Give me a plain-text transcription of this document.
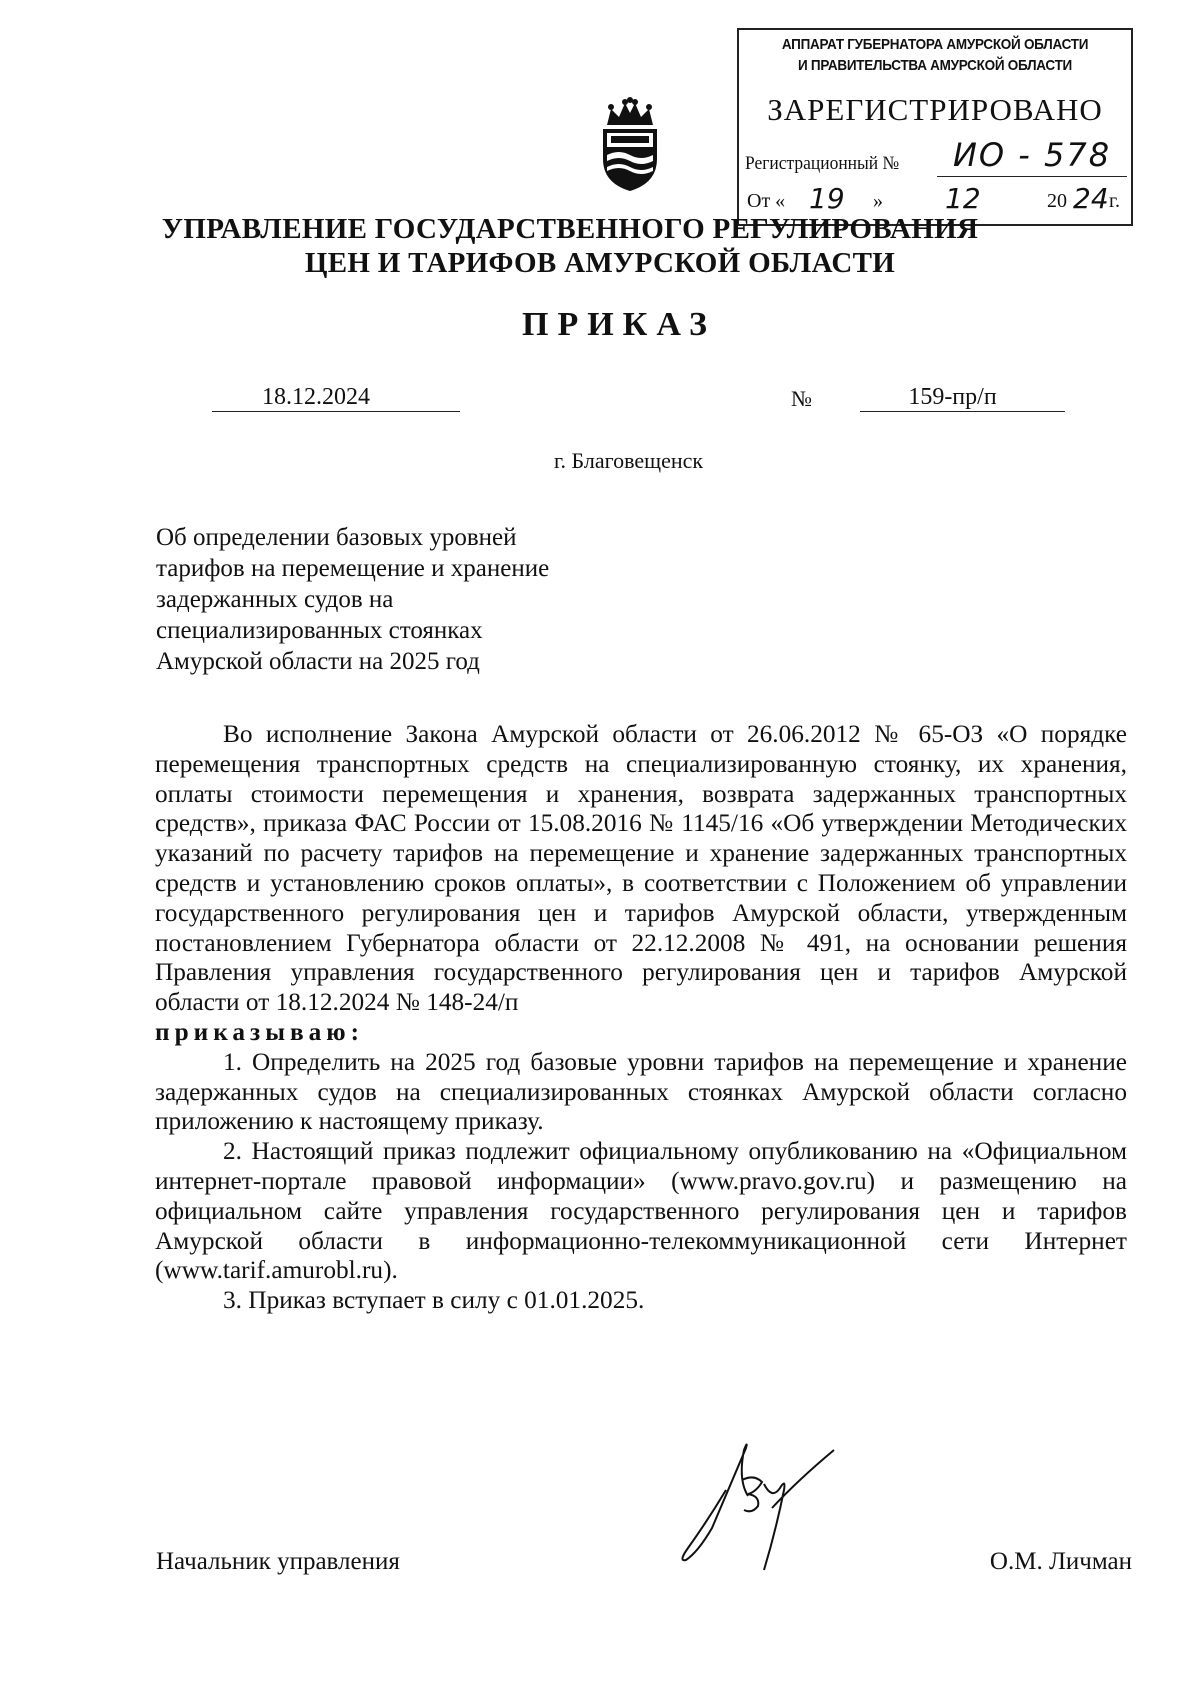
АППАРАТ ГУБЕРНАТОРА АМУРСКОЙ ОБЛАСТИ
И ПРАВИТЕЛЬСТВА АМУРСКОЙ ОБЛАСТИ
ЗАРЕГИСТРИРОВАНО
Регистрационный №	ИО - 578
От « 19 » 12	20 24 г.
УПРАВЛЕНИЕ ГОСУДАРСТВЕННОГО РЕГУЛИРОВАНИЯ
ЦЕН И ТАРИФОВ АМУРСКОЙ ОБЛАСТИ
ПРИКАЗ
18.12.2024	№	159-пр/п
г. Благовещенск
Об определении базовых уровней
тарифов на перемещение и хранение
задержанных судов на
специализированных стоянках
Амурской области на 2025 год

Во исполнение Закона Амурской области от 26.06.2012 № 65-ОЗ «О порядке перемещения транспортных средств на специализированную стоянку, их хранения, оплаты стоимости перемещения и хранения, возврата задержанных транспортных средств», приказа ФАС России от 15.08.2016 № 1145/16 «Об утверждении Методических указаний по расчету тарифов на перемещение и хранение задержанных транспортных средств и установлению сроков оплаты», в соответствии с Положением об управлении государственного регулирования цен и тарифов Амурской области, утвержденным постановлением Губернатора области от 22.12.2008 № 491, на основании решения Правления управления государственного регулирования цен и тарифов Амурской области от 18.12.2024 № 148-24/п

приказываю:

1. Определить на 2025 год базовые уровни тарифов на перемещение и хранение задержанных судов на специализированных стоянках Амурской области согласно приложению к настоящему приказу.

2. Настоящий приказ подлежит официальному опубликованию на «Официальном интернет-портале правовой информации» (www.pravo.gov.ru) и размещению на официальном сайте управления государственного регулирования цен и тарифов Амурской области в информационно-телекоммуникационной сети Интернет (www.tarif.amurobl.ru).

3. Приказ вступает в силу с 01.01.2025.

Начальник управления	О.М. Личман
